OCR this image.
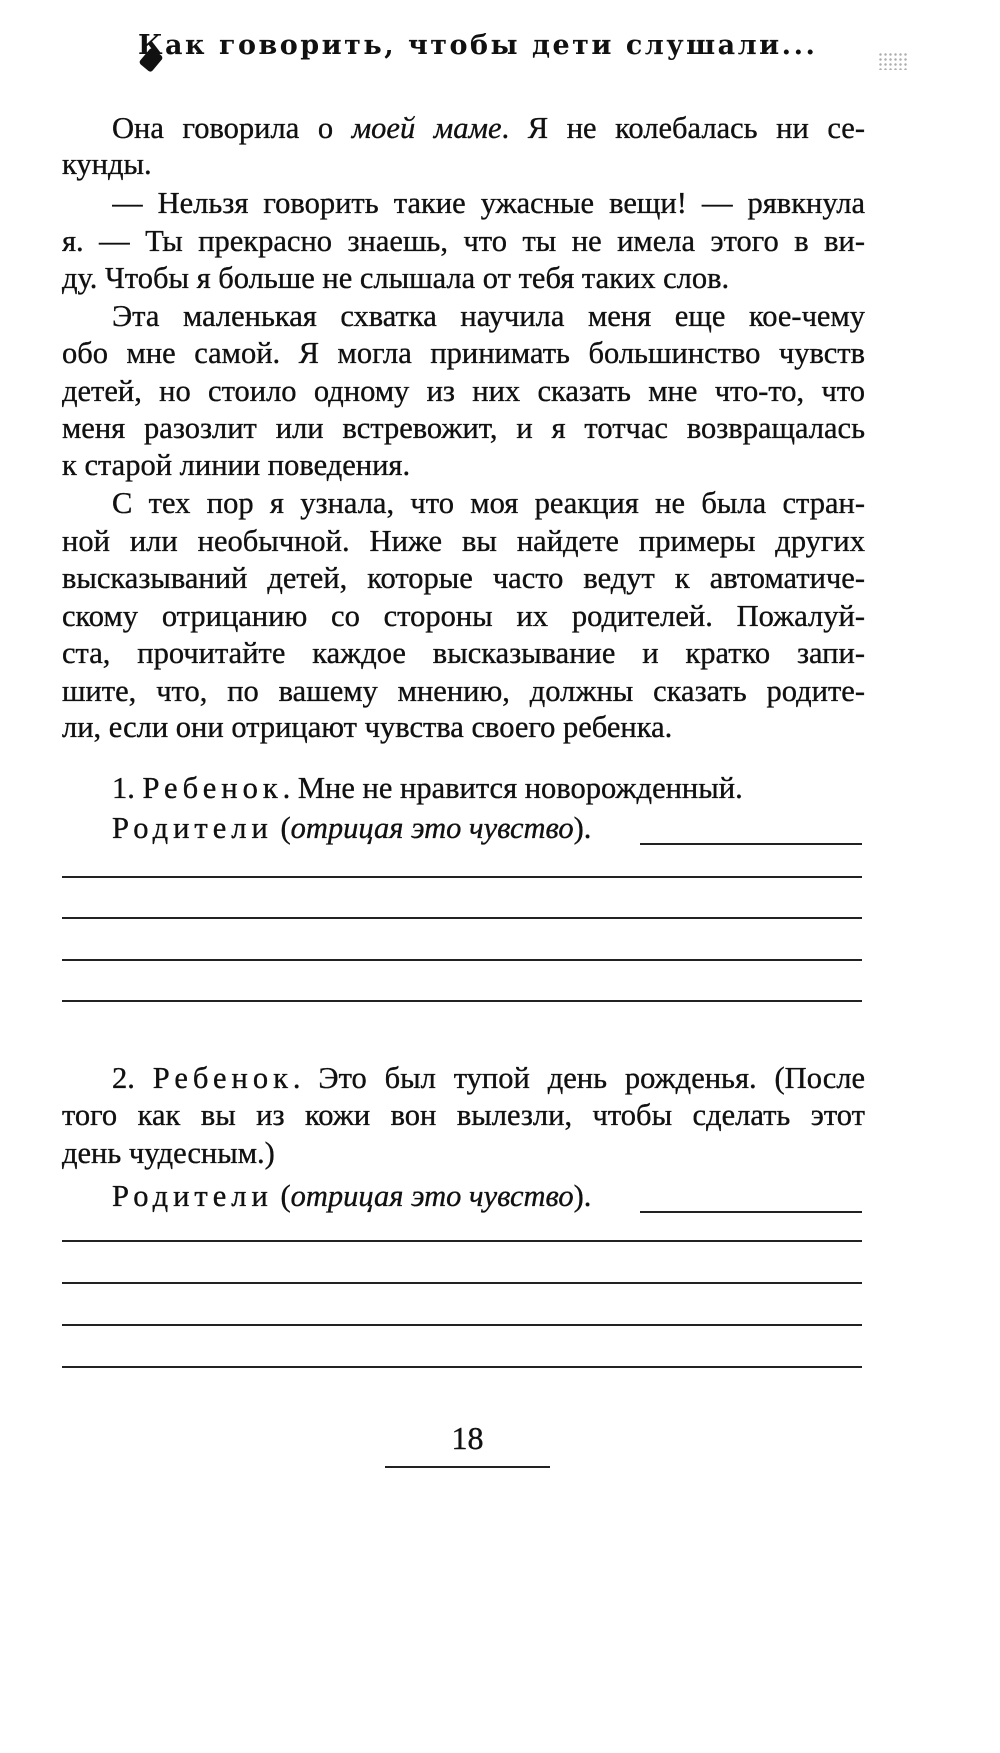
Как говорить, чтобы дети слушали...
Она говорила о моей маме. Я не колебалась ни се-
кунды.
— Нельзя говорить такие ужасные вещи! — рявкнула
я. — Ты прекрасно знаешь, что ты не имела этого в ви-
ду. Чтобы я больше не слышала от тебя таких слов.
Эта маленькая схватка научила меня еще кое-чему
обо мне самой. Я могла принимать большинство чувств
детей, но стоило одному из них сказать мне что-то, что
меня разозлит или встревожит, и я тотчас возвращалась
к старой линии поведения.
С тех пор я узнала, что моя реакция не была стран-
ной или необычной. Ниже вы найдете примеры других
высказываний детей, которые часто ведут к автоматиче-
скому отрицанию со стороны их родителей. Пожалуй-
ста, прочитайте каждое высказывание и кратко запи-
шите, что, по вашему мнению, должны сказать родите-
ли, если они отрицают чувства своего ребенка.
1. Ребенок. Мне не нравится новорожденный.
Родители (отрицая это чувство).
2. Ребенок. Это был тупой день рожденья. (После
того как вы из кожи вон вылезли, чтобы сделать этот
день чудесным.)
Родители (отрицая это чувство).
18
